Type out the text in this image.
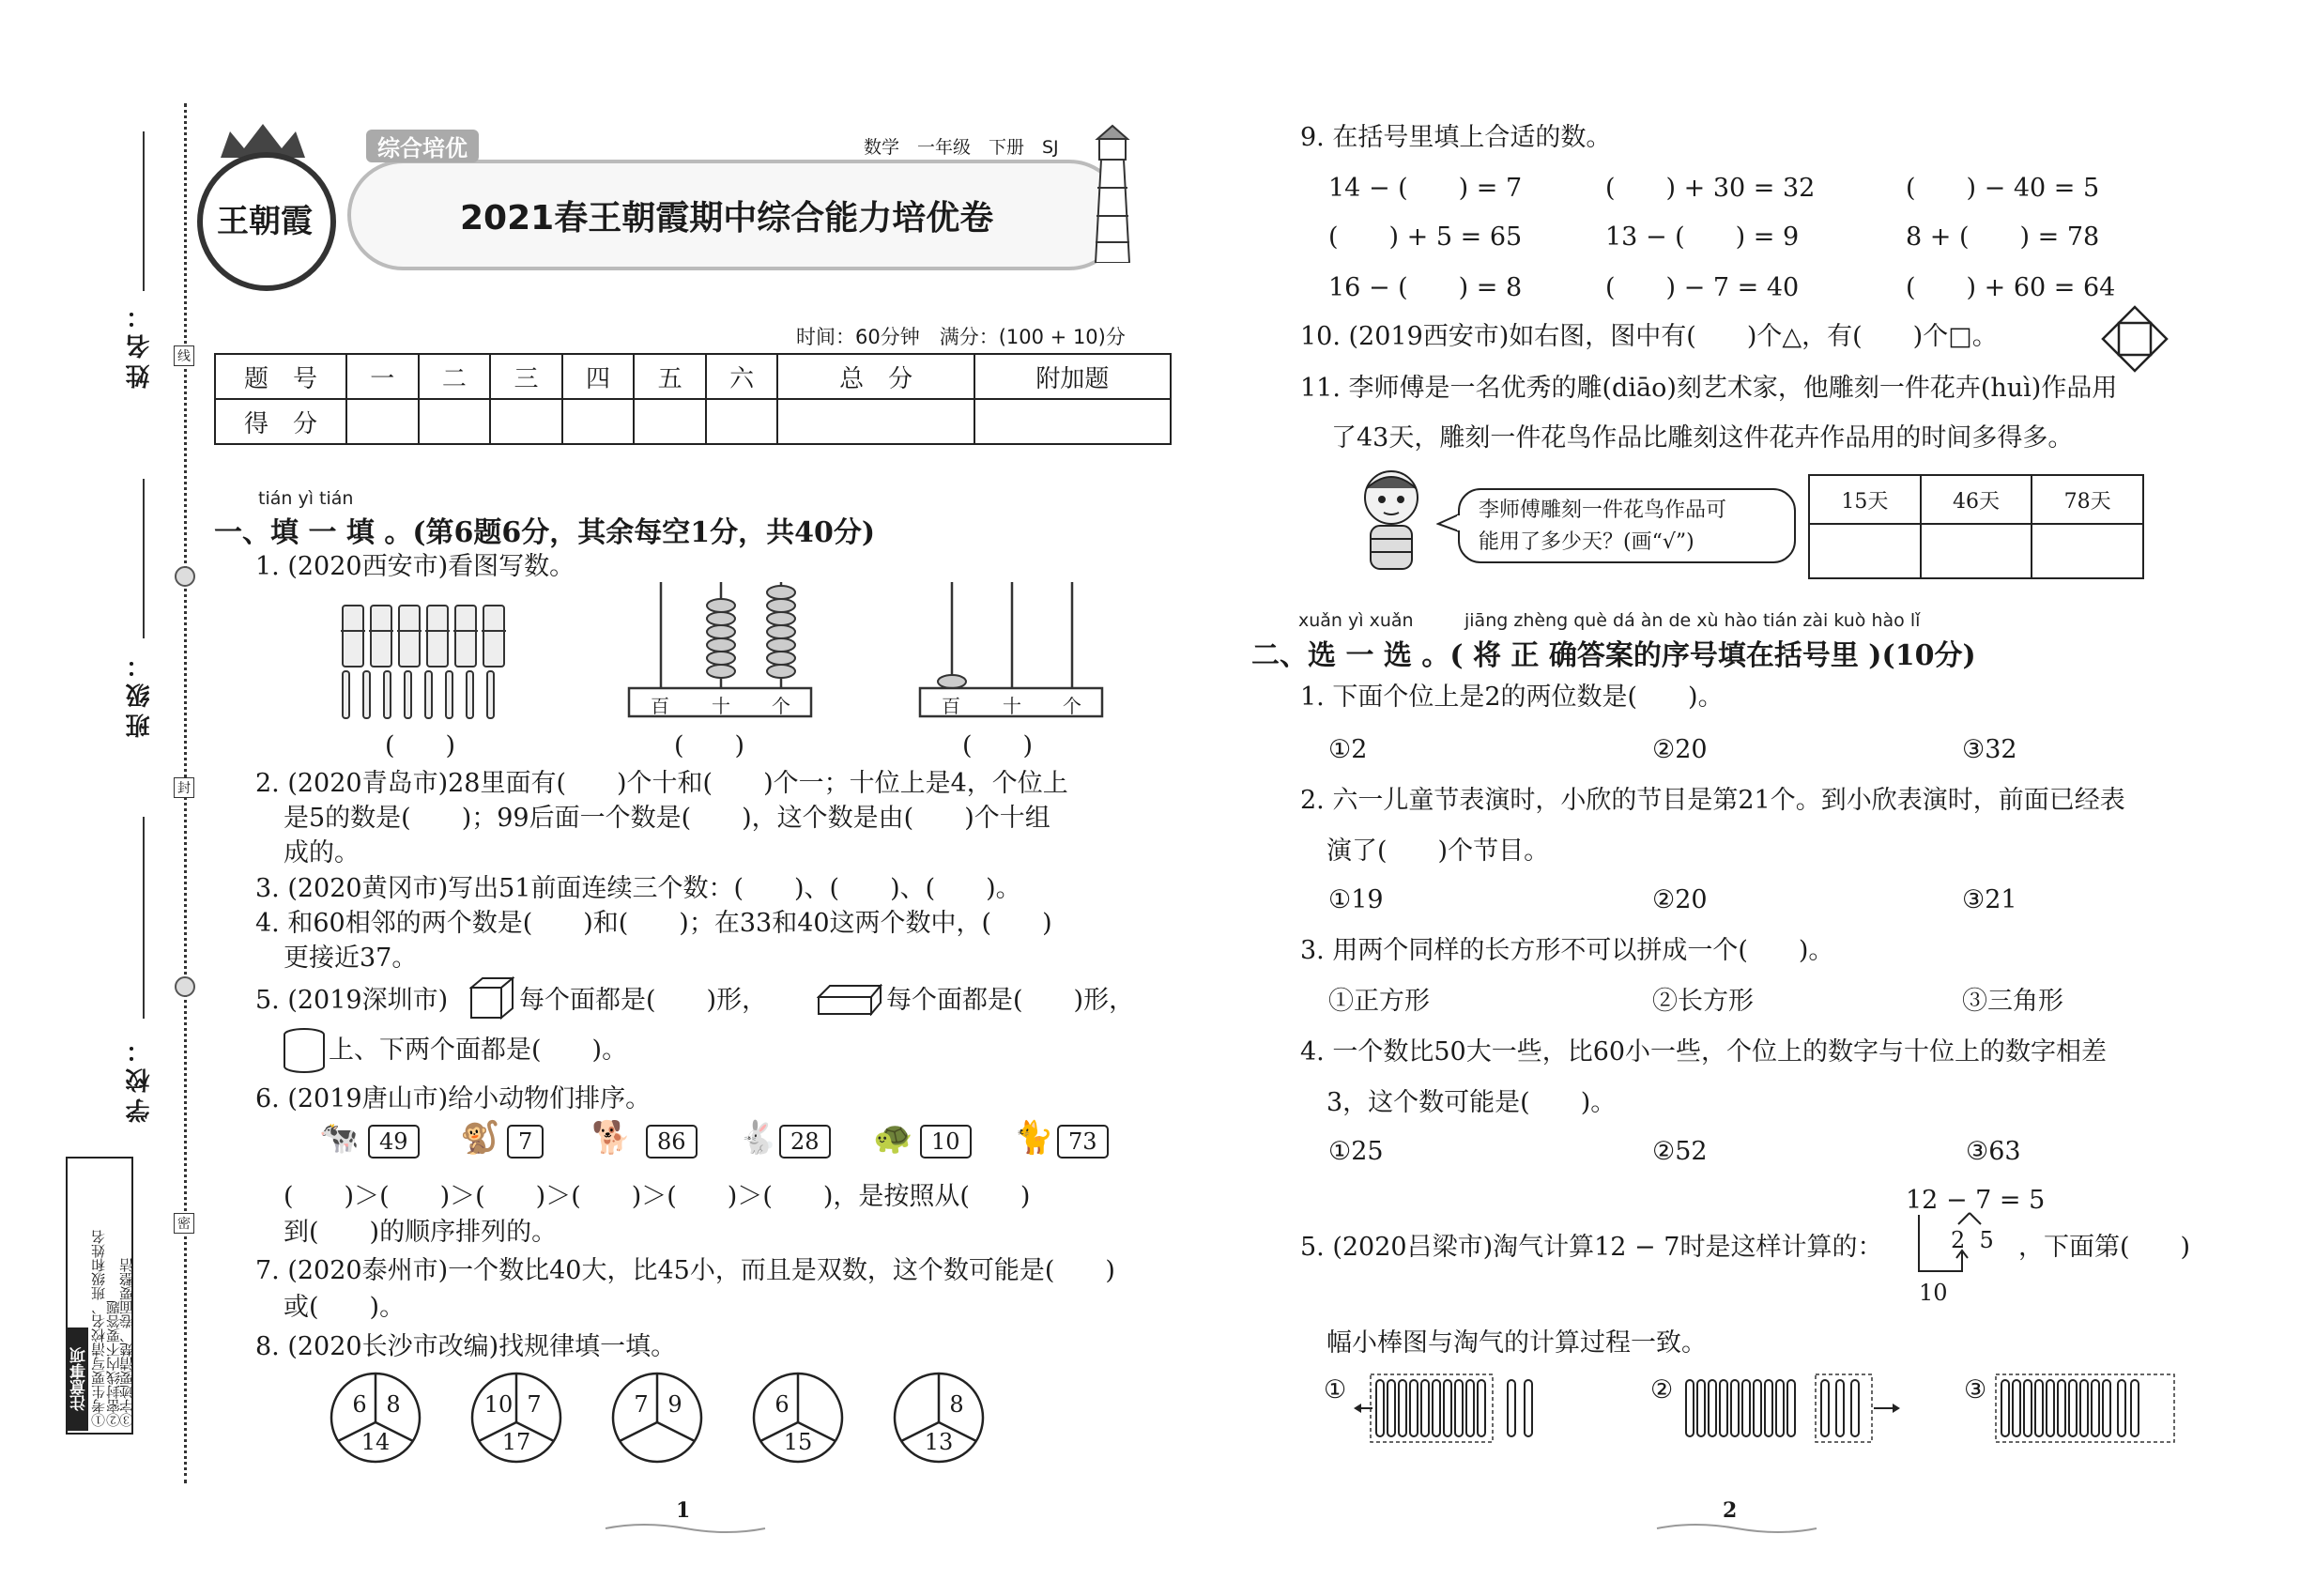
线
封
密
姓名：
班级：
学校：
注意事项 ①考生要写清校名、班级和姓名
②密封线内不要答题
③字迹要清楚、卷面要整洁
综合培优	数学　一年级　下册　SJ
2021春王朝霞期中综合能力培优卷
王朝霞
时间：60分钟　满分：(100 + 10)分
题　号	一	二	三	四	五	六	总　分	附加题
得　分								
tián yì tián
一、填 一 填 。(第6题6分，其余每空1分，共40分)
1. (2020西安市)看图写数。
百 十 个	百 十 个
(　　)	(　　)	(　　)
2. (2020青岛市)28里面有(　　)个十和(　　)个一；十位上是4，个位上
是5的数是(　　)；99后面一个数是(　　)，这个数是由(　　)个十组
成的。
3. (2020黄冈市)写出51前面连续三个数：(　　)、(　　)、(　　)。
4. 和60相邻的两个数是(　　)和(　　)；在33和40这两个数中，(　　)
更接近37。
5. (2019深圳市)	每个面都是(　　)形，	每个面都是(　　)形，
上、下两个面都是(　　)。
6. (2019唐山市)给小动物们排序。
🐄 49	🐒 7	🐕	86	🐇 28	🐢 10	🐈 73
(　　)＞(　　)＞(　　)＞(　　)＞(　　)＞(　　)，是按照从(　　)
到(　　)的顺序排列的。
7. (2020泰州市)一个数比40大，比45小，而且是双数，这个数可能是(　　)
或(　　)。
8. (2020长沙市改编)找规律填一填。
6 8
14
10 7
17
7 9	6
15
8
13
1
9. 在括号里填上合适的数。
14 − (　　) = 7	(　　) + 30 = 32	(　　) − 40 = 5
(　　) + 5 = 65	13 − (　　) = 9	8 + (　　) = 78
16 − (　　) = 8	(　　) − 7 = 40	(　　) + 60 = 64
10. (2019西安市)如右图，图中有(　　)个△，有(　　)个□。
11. 李师傅是一名优秀的雕(diāo)刻艺术家，他雕刻一件花卉(huì)作品用
了43天，雕刻一件花鸟作品比雕刻这件花卉作品用的时间多得多。
李师傅雕刻一件花鸟作品可
能用了多少天？(画“√”)
15天	46天	78天

xuǎn yì xuǎn	jiāng zhèng què dá àn de xù hào tián zài kuò hào lǐ
二、选 一 选 。( 将 正 确答案的序号填在括号里 )(10分)
1. 下面个位上是2的两位数是(　　)。
①2	②20	③32
2. 六一儿童节表演时，小欣的节目是第21个。到小欣表演时，前面已经表
演了(　　)个节目。
①19	②20	③21
3. 用两个同样的长方形不可以拼成一个(　　)。
①正方形	②长方形	③三角形
4. 一个数比50大一些，比60小一些，个位上的数字与十位上的数字相差
3，这个数可能是(　　)。
①25	②52	③63
12 − 7 = 5
2  5
10
5. (2020吕梁市)淘气计算12 − 7时是这样计算的：	，下面第(　　)
幅小棒图与淘气的计算过程一致。
①	②	③
2
